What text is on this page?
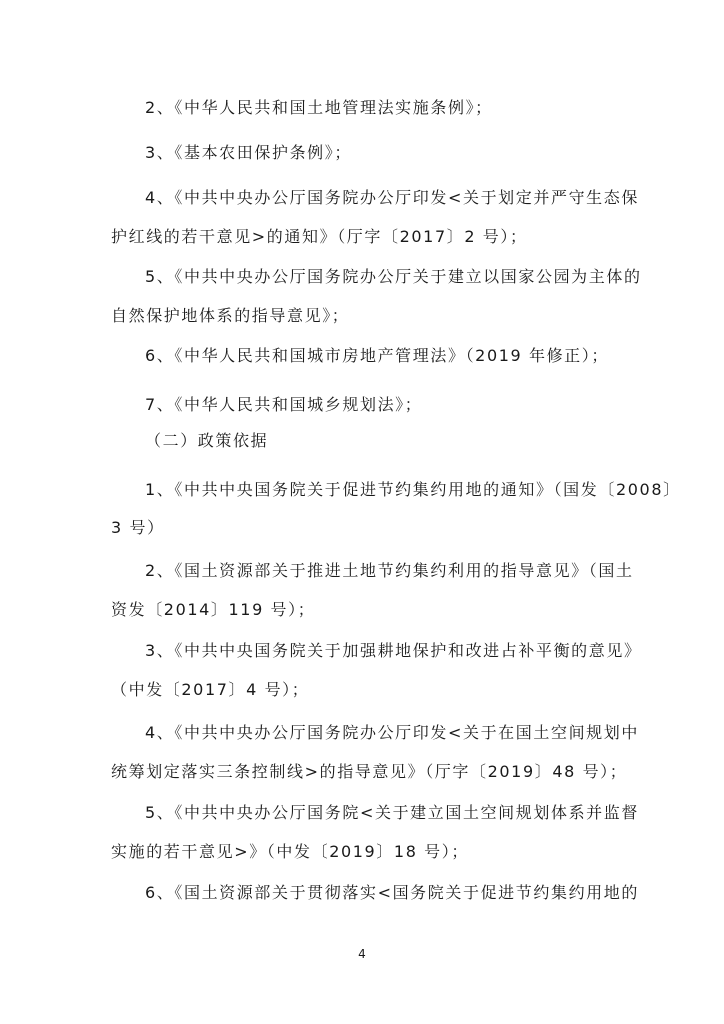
2、《中华人民共和国土地管理法实施条例》；
3、《基本农田保护条例》；
4、《中共中央办公厅国务院办公厅印发<关于划定并严守生态保
护红线的若干意见>的通知》（厅字〔2017〕2 号）；
5、《中共中央办公厅国务院办公厅关于建立以国家公园为主体的
自然保护地体系的指导意见》；
6、《中华人民共和国城市房地产管理法》（2019 年修正）；
7、《中华人民共和国城乡规划法》；
（二）政策依据
1、《中共中央国务院关于促进节约集约用地的通知》（国发〔2008〕
3 号）
2、《国土资源部关于推进土地节约集约利用的指导意见》（国土
资发〔2014〕119 号）；
3、《中共中央国务院关于加强耕地保护和改进占补平衡的意见》
（中发〔2017〕4 号）；
4、《中共中央办公厅国务院办公厅印发<关于在国土空间规划中
统筹划定落实三条控制线>的指导意见》（厅字〔2019〕48 号）；
5、《中共中央办公厅国务院<关于建立国土空间规划体系并监督
实施的若干意见>》（中发〔2019〕18 号）；
6、《国土资源部关于贯彻落实<国务院关于促进节约集约用地的
4
